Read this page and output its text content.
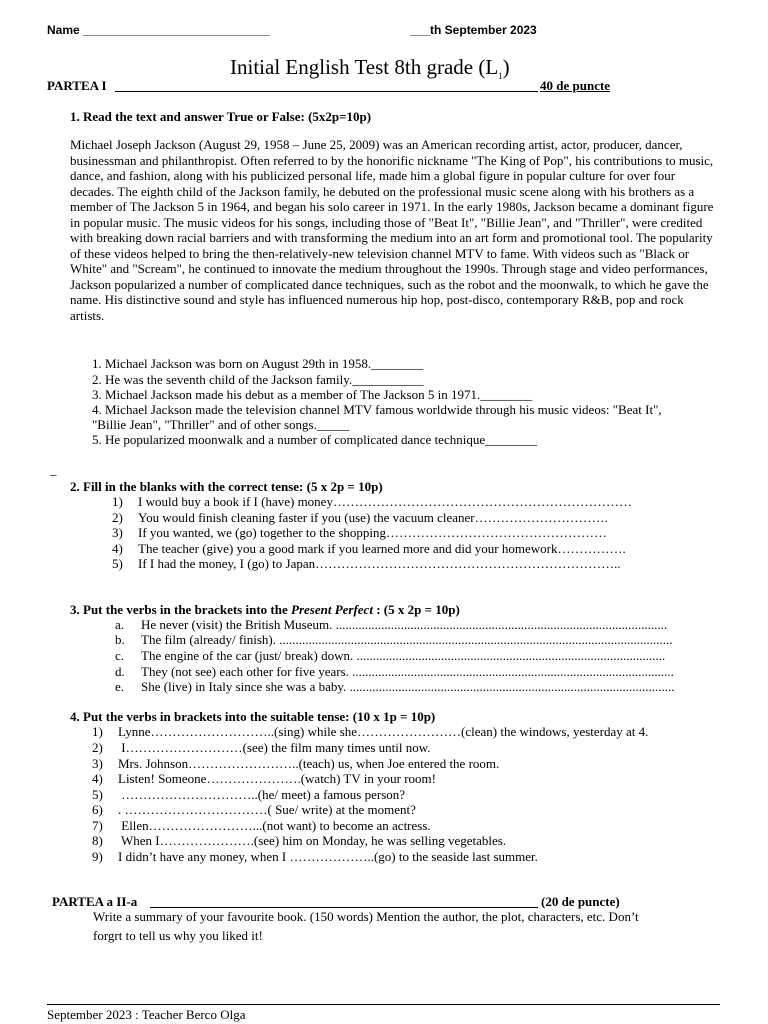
Name ____________________________	___th September 2023
Initial English Test 8th grade $(L_1)$
PARTEA I	40 de puncte
1. Read the text and answer True or False: (5x2p=10p)

Michael Joseph Jackson (August 29, 1958 – June 25, 2009) was an American recording artist, actor, producer, dancer, businessman and philanthropist. Often referred to by the honorific nickname "The King of Pop", his contributions to music, dance, and fashion, along with his publicized personal life, made him a global figure in popular culture for over four decades. The eighth child of the Jackson family, he debuted on the professional music scene along with his brothers as a member of The Jackson 5 in 1964, and began his solo career in 1971. In the early 1980s, Jackson became a dominant figure in popular music. The music videos for his songs, including those of "Beat It", "Billie Jean", and "Thriller", were credited with breaking down racial barriers and with transforming the medium into an art form and promotional tool. The popularity of these videos helped to bring the then-relatively-new television channel MTV to fame. With videos such as "Black or White" and "Scream", he continued to innovate the medium throughout the 1990s. Through stage and video performances, Jackson popularized a number of complicated dance techniques, such as the robot and the moonwalk, to which he gave the name. His distinctive sound and style has influenced numerous hip hop, post-disco, contemporary R&B, pop and rock artists.

1. Michael Jackson was born on August 29th in 1958.________
2. He was the seventh child of the Jackson family.___________
3. Michael Jackson made his debut as a member of The Jackson 5 in 1971.________
4. Michael Jackson made the television channel MTV famous worldwide through his music videos: "Beat It",
"Billie Jean", "Thriller" and of other songs._____
5. He popularized moonwalk and a number of complicated dance technique________
_
2. Fill in the blanks with the correct tense: (5 x 2p = 10p)
1) I would buy a book if I (have) money……………………………………………………………
2) You would finish cleaning faster if you (use) the vacuum cleaner………………………….
3) If you wanted, we (go) together to the shopping……………………………………………
4) The teacher (give) you a good mark if you learned more and did your homework…………….
5) If I had the money, I (go) to Japan……………………………………………………………..
3. Put the verbs in the brackets into the Present Perfect : (5 x 2p = 10p)
a. He never (visit) the British Museum. ......................................................................................................
b. The film (already/ finish). .........................................................................................................................
c. The engine of the car (just/ break) down. ...............................................................................................
d. They (not see) each other for five years. ...................................................................................................
e. She (live) in Italy since she was a baby. ....................................................................................................
4. Put the verbs in brackets into the suitable tense: (10 x 1p = 10p)
1) Lynne………………………..(sing) while she……………………(clean) the windows, yesterday at 4.
2) I………………………(see) the film many times until now.
3) Mrs. Johnson……………………..(teach) us, when Joe entered the room.
4) Listen! Someone………………….(watch) TV in your room!
5) …………………………..(he/ meet) a famous person?
6) . ……………………………( Sue/ write) at the moment?
7) Ellen……………………...(not want) to become an actress.
8) When I………………….(see) him on Monday, he was selling vegetables.
9) I didn’t have any money, when I ………………..(go) to the seaside last summer.
PARTEA a II-a	(20 de puncte)
Write a summary of your favourite book. (150 words) Mention the author, the plot, characters, etc. Don’t
forgrt to tell us why you liked it!
September 2023 : Teacher Berco Olga
